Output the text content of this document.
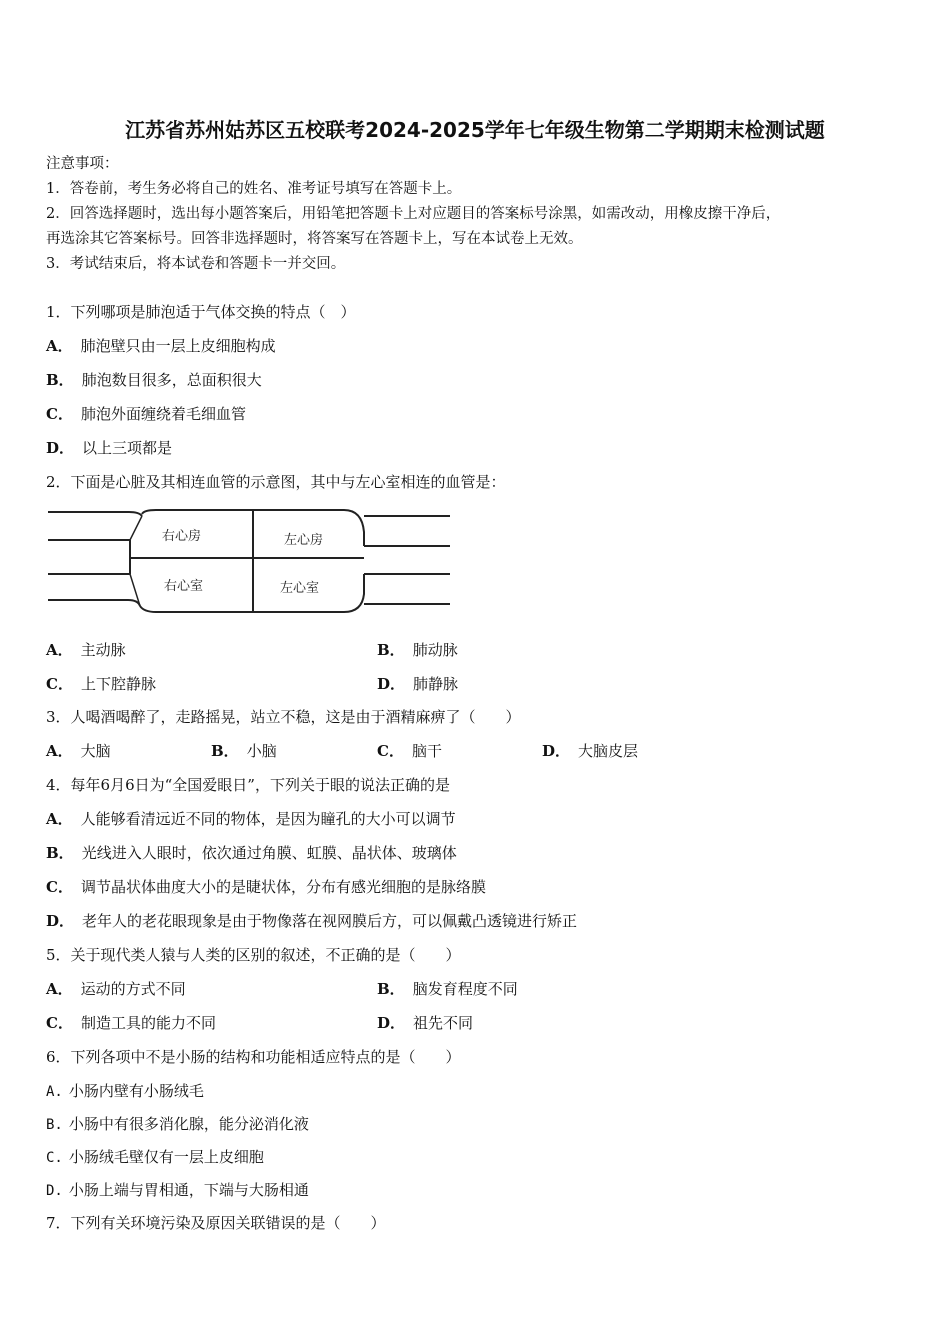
江苏省苏州姑苏区五校联考2024-2025学年七年级生物第二学期期末检测试题
注意事项：
1．答卷前，考生务必将自己的姓名、准考证号填写在答题卡上。
2．回答选择题时，选出每小题答案后，用铅笔把答题卡上对应题目的答案标号涂黑，如需改动，用橡皮擦干净后，
再选涂其它答案标号。回答非选择题时，将答案写在答题卡上，写在本试卷上无效。
3．考试结束后，将本试卷和答题卡一并交回。
1．下列哪项是肺泡适于气体交换的特点（　）
A． 肺泡壁只由一层上皮细胞构成
B． 肺泡数目很多，总面积很大
C． 肺泡外面缠绕着毛细血管
D． 以上三项都是
2．下面是心脏及其相连血管的示意图，其中与左心室相连的血管是：
右心房	左心房
右心室	左心室
A． 主动脉	B． 肺动脉
C． 上下腔静脉	D． 肺静脉
3．人喝酒喝醉了，走路摇晃，站立不稳，这是由于酒精麻痹了（　　）
A． 大脑	B． 小脑	C． 脑干	D． 大脑皮层
4．每年6月6日为“全国爱眼日”，下列关于眼的说法正确的是
A． 人能够看清远近不同的物体，是因为瞳孔的大小可以调节
B． 光线进入人眼时，依次通过角膜、虹膜、晶状体、玻璃体
C． 调节晶状体曲度大小的是睫状体，分布有感光细胞的是脉络膜
D． 老年人的老花眼现象是由于物像落在视网膜后方，可以佩戴凸透镜进行矫正
5．关于现代类人猿与人类的区别的叙述，不正确的是（　　）
A． 运动的方式不同	B． 脑发育程度不同
C． 制造工具的能力不同	D． 祖先不同
6．下列各项中不是小肠的结构和功能相适应特点的是（　　）
A. 小肠内壁有小肠绒毛
B. 小肠中有很多消化腺，能分泌消化液
C. 小肠绒毛壁仅有一层上皮细胞
D. 小肠上端与胃相通，下端与大肠相通
7．下列有关环境污染及原因关联错误的是（　　）
